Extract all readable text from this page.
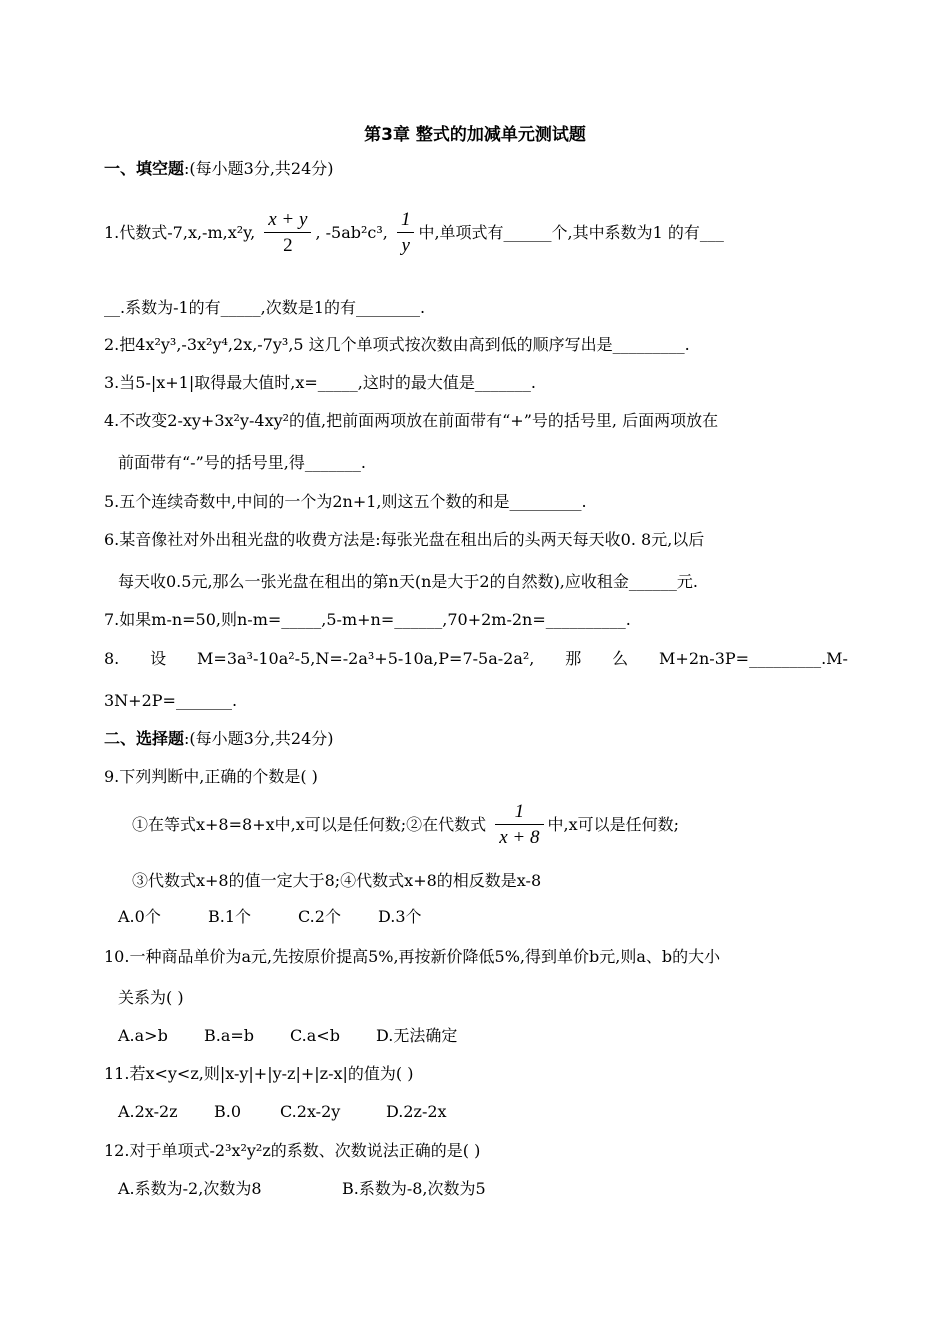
第3章 整式的加减单元测试题
一、填空题:(每小题3分,共24分)
1.代数式-7,x,-m,x²y, $\frac{x + y}{2}$ , -5ab²c³, $\frac{1}{y}$ 中,单项式有______个,其中系数为1 的有___
__.系数为-1的有_____,次数是1的有________.
2.把4x²y³,-3x²y⁴,2x,-7y³,5 这几个单项式按次数由高到低的顺序写出是_________.
3.当5-|x+1|取得最大值时,x=_____,这时的最大值是_______.
4.不改变2-xy+3x²y-4xy²的值,把前面两项放在前面带有“+”号的括号里, 后面两项放在
前面带有“-”号的括号里,得_______.
5.五个连续奇数中,中间的一个为2n+1,则这五个数的和是_________.
6.某音像社对外出租光盘的收费方法是:每张光盘在租出后的头两天每天收0. 8元,以后
每天收0.5元,那么一张光盘在租出的第n天(n是大于2的自然数),应收租金______元.
7.如果m-n=50,则n-m=_____,5-m+n=______,70+2m-2n=__________.
8. 设 M=3a³-10a²-5,N=-2a³+5-10a,P=7-5a-2a², 那 么 M+2n-3P=_________.M-
3N+2P=_______.
二、选择题:(每小题3分,共24分)
9.下列判断中,正确的个数是( )
①在等式x+8=8+x中,x可以是任何数;②在代数式 $\frac{1}{x + 8}$ 中,x可以是任何数;
③代数式x+8的值一定大于8;④代数式x+8的相反数是x-8
A.0个	B.1个	C.2个 D.3个
10.一种商品单价为a元,先按原价提高5%,再按新价降低5%,得到单价b元,则a、b的大小
关系为( )
A.a>b B.a=b C.a<b D.无法确定
11.若x<y<z,则|x-y|+|y-z|+|z-x|的值为( )
A.2x-2z B.0 C.2x-2y	D.2z-2x
12.对于单项式-2³x²y²z的系数、次数说法正确的是( )
A.系数为-2,次数为8	B.系数为-8,次数为5
